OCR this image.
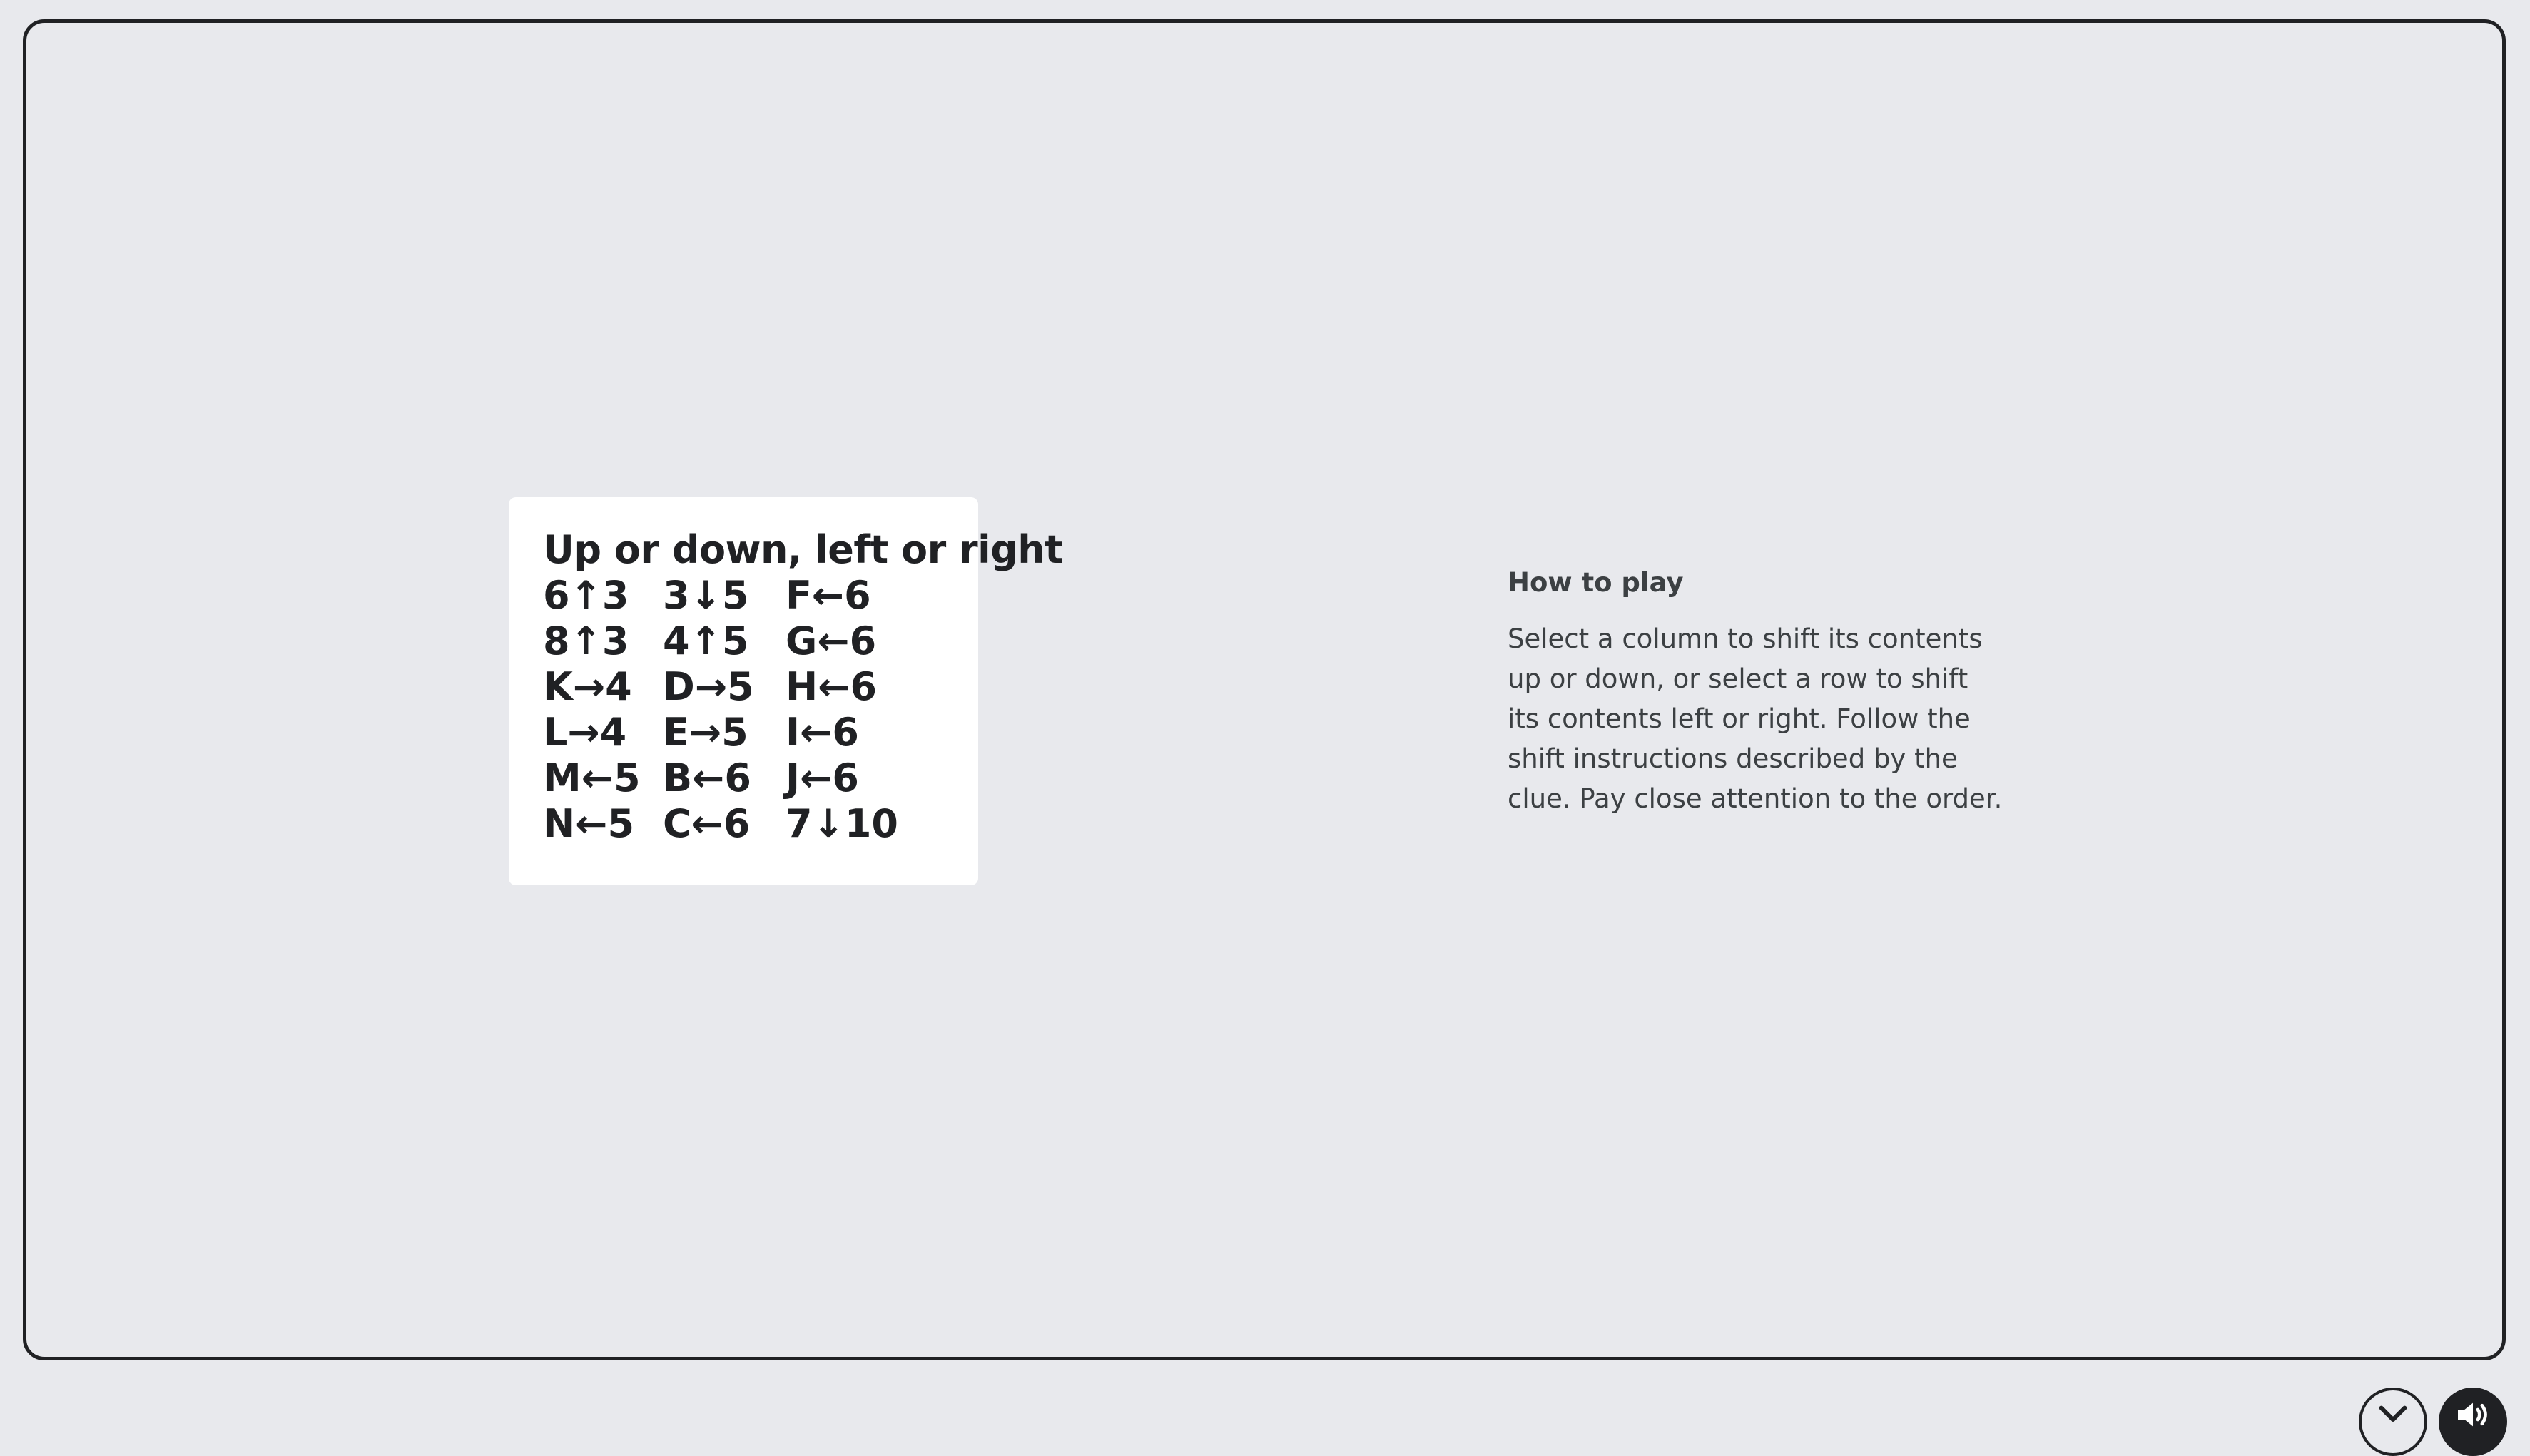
Up or down, left or right
6↑3 3↓5 F←6
8↑3 4↑5 G←6
K→4 D→5 H←6
L→4 E→5 I←6
M←5 B←6 J←6
N←5 C←6 7↓10
How to play
Select a column to shift its contents up or down, or select a row to shift its contents left or right. Follow the shift instructions described by the clue. Pay close attention to the order.
